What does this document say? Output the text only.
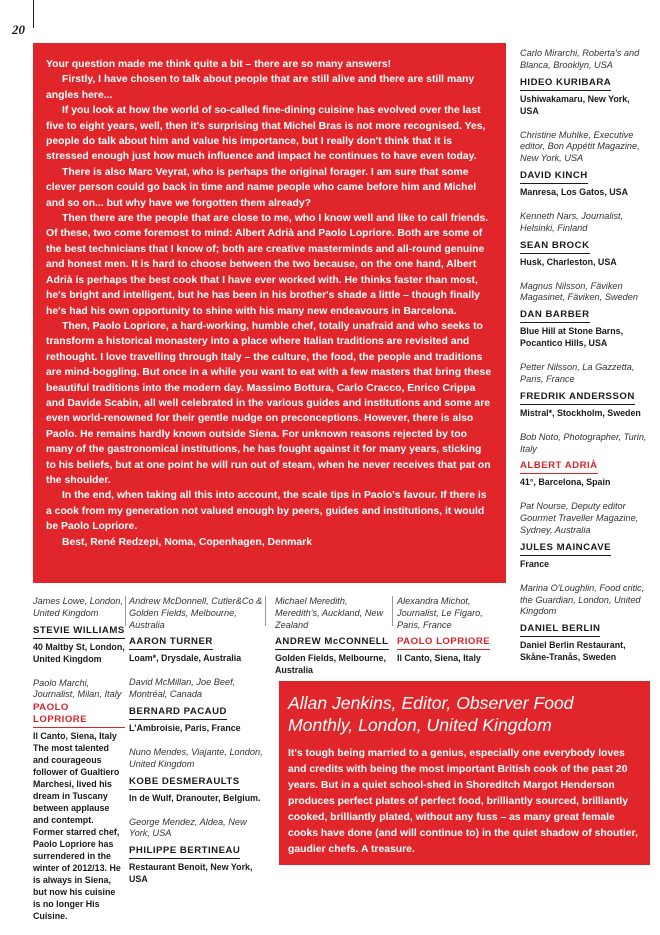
20

Your question made me think quite a bit – there are so many answers!

Firstly, I have chosen to talk about people that are still alive and there are still many angles here...

If you look at how the world of so-called fine-dining cuisine has evolved over the last five to eight years, well, then it's surprising that Michel Bras is not more recognised. Yes, people do talk about him and value his importance, but I really don't think that it is stressed enough just how much influence and impact he continues to have even today.

There is also Marc Veyrat, who is perhaps the original forager. I am sure that some clever person could go back in time and name people who came before him and Michel and so on... but why have we forgotten them already?

Then there are the people that are close to me, who I know well and like to call friends. Of these, two come foremost to mind: Albert Adrià and Paolo Lopriore. Both are some of the best technicians that I know of; both are creative masterminds and all-round genuine and honest men. It is hard to choose between the two because, on the one hand, Albert Adrià is perhaps the best cook that I have ever worked with. He thinks faster than most, he's bright and intelligent, but he has been in his brother's shade a little – though finally he's had his own opportunity to shine with his many new endeavours in Barcelona.

Then, Paolo Lopriore, a hard-working, humble chef, totally unafraid and who seeks to transform a historical monastery into a place where Italian traditions are revisited and rethought. I love travelling through Italy – the culture, the food, the people and traditions are mind-boggling. But once in a while you want to eat with a few masters that bring these beautiful traditions into the modern day. Massimo Bottura, Carlo Cracco, Enrico Crippa and Davide Scabin, all well celebrated in the various guides and institutions and some are even world-renowned for their gentle nudge on preconceptions. However, there is also Paolo. He remains hardly known outside Siena. For unknown reasons rejected by too many of the gastronomical institutions, he has fought against it for many years, sticking to his beliefs, but at one point he will run out of steam, when he never receives that pat on the shoulder.

In the end, when taking all this into account, the scale tips in Paolo's favour. If there is a cook from my generation not valued enough by peers, guides and institutions, it would be Paolo Lopriore.

Best, René Redzepi, Noma, Copenhagen, Denmark

Carlo Mirarchi, Roberta's and Blanca, Brooklyn, USA
HIDEO KURIBARA
Ushiwakamaru, New York, USA
Christine Muhlke, Executive editor, Bon Appétit Magazine, New York, USA
DAVID KINCH
Manresa, Los Gatos, USA
Kenneth Nars, Journalist, Helsinki, Finland
SEAN BROCK
Husk, Charleston, USA
Magnus Nilsson, Fäviken Magasinet, Fäviken, Sweden
DAN BARBER
Blue Hill at Stone Barns, Pocantico Hills, USA
Petter Nilsson, La Gazzetta, Paris, France
FREDRIK ANDERSSON
Mistral*, Stockholm, Sweden
Bob Noto, Photographer, Turin, Italy
ALBERT ADRIÀ
41°, Barcelona, Spain
Pat Nourse, Deputy editor Gourmet Traveller Magazine, Sydney, Australia
JULES MAINCAVE
France
Marina O'Loughlin, Food critic, the Guardian, London, United Kingdom
DANIEL BERLIN
Daniel Berlin Restaurant, Skåne-Tranås, Sweden
James Lowe, London, United Kingdom
STEVIE WILLIAMS
40 Maltby St, London, United Kingdom
Paolo Marchi, Journalist, Milan, Italy
PAOLO LOPRIORE
Il Canto, Siena, Italy
The most talented and courageous follower of Gualtiero Marchesi, lived his dream in Tuscany between applause and contempt. Former starred chef, Paolo Lopriore has surrendered in the winter of 2012/13. He is always in Siena, but now his cuisine is no longer His Cuisine.
Andrew McDonnell, Cutler&Co & Golden Fields, Melbourne, Australia
AARON TURNER
Loam*, Drysdale, Australia
David McMillan, Joe Beef, Montréal, Canada
BERNARD PACAUD
L'Ambroisie, Paris, France
Nuno Mendes, Viajante, London, United Kingdom
KOBE DESMERAULTS
In de Wulf, Dranouter, Belgium.
George Mendez, Aldea, New York, USA
PHILIPPE BERTINEAU
Restaurant Benoit, New York, USA
Michael Meredith, Meredith's, Auckland, New Zealand
ANDREW McCONNELL
Golden Fields, Melbourne, Australia
Alexandra Michot, Journalist, Le Figaro, Paris, France
PAOLO LOPRIORE
Il Canto, Siena, Italy
Allan Jenkins, Editor, Observer Food Monthly, London, United Kingdom

It's tough being married to a genius, especially one everybody loves and credits with being the most important British cook of the past 20 years. But in a quiet school-shed in Shoreditch Margot Henderson produces perfect plates of perfect food, brilliantly sourced, brilliantly cooked, brilliantly plated, without any fuss – as many great female cooks have done (and will continue to) in the quiet shadow of shoutier, gaudier chefs. A treasure.
